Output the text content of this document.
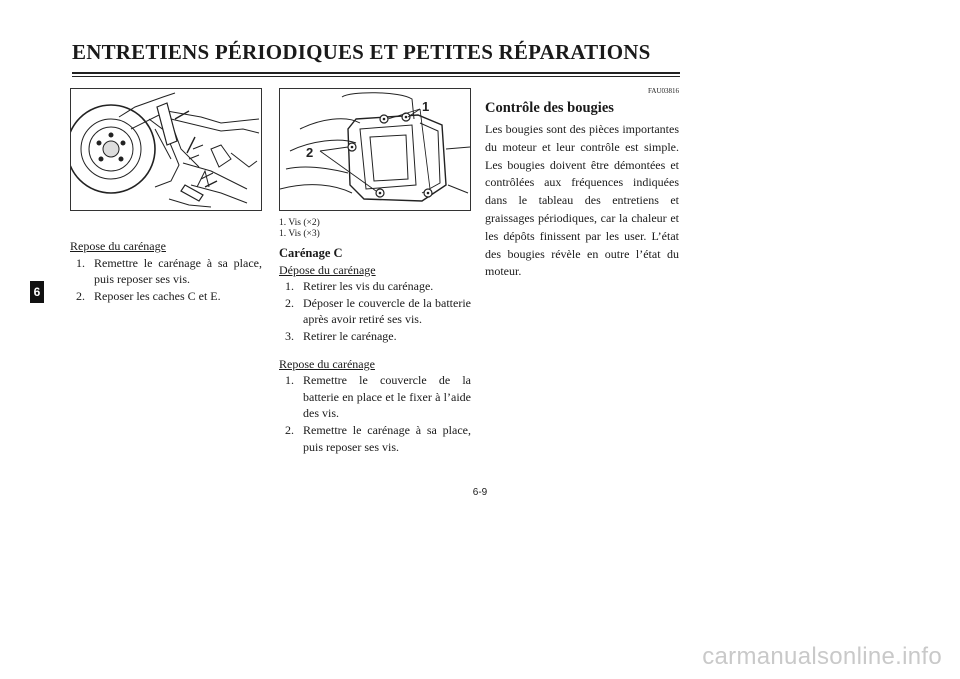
ENTRETIENS PÉRIODIQUES ET PETITES RÉPARATIONS
6
1
2
Repose du carénage
1. Remettre le carénage à sa place, puis reposer ses vis.
2. Reposer les caches C et E.

1. Vis (×2)

1. Vis (×3)

Carénage C
Dépose du carénage
1. Retirer les vis du carénage.
2. Déposer le couvercle de la batterie après avoir retiré ses vis.
3. Retirer le carénage.
Repose du carénage
1. Remettre le couvercle de la batterie en place et le fixer à l’aide des vis.
2. Remettre le carénage à sa place, puis reposer ses vis.

FAU03816

Contrôle des bougies

Les bougies sont des pièces importantes du moteur et leur contrôle est simple. Les bougies doivent être démontées et contrôlées aux fréquences indiquées dans le tableau des entretiens et graissages périodiques, car la chaleur et les dépôts finissent par les user. L’état des bougies révèle en outre l’état du moteur.

6-9
carmanualsonline.info
